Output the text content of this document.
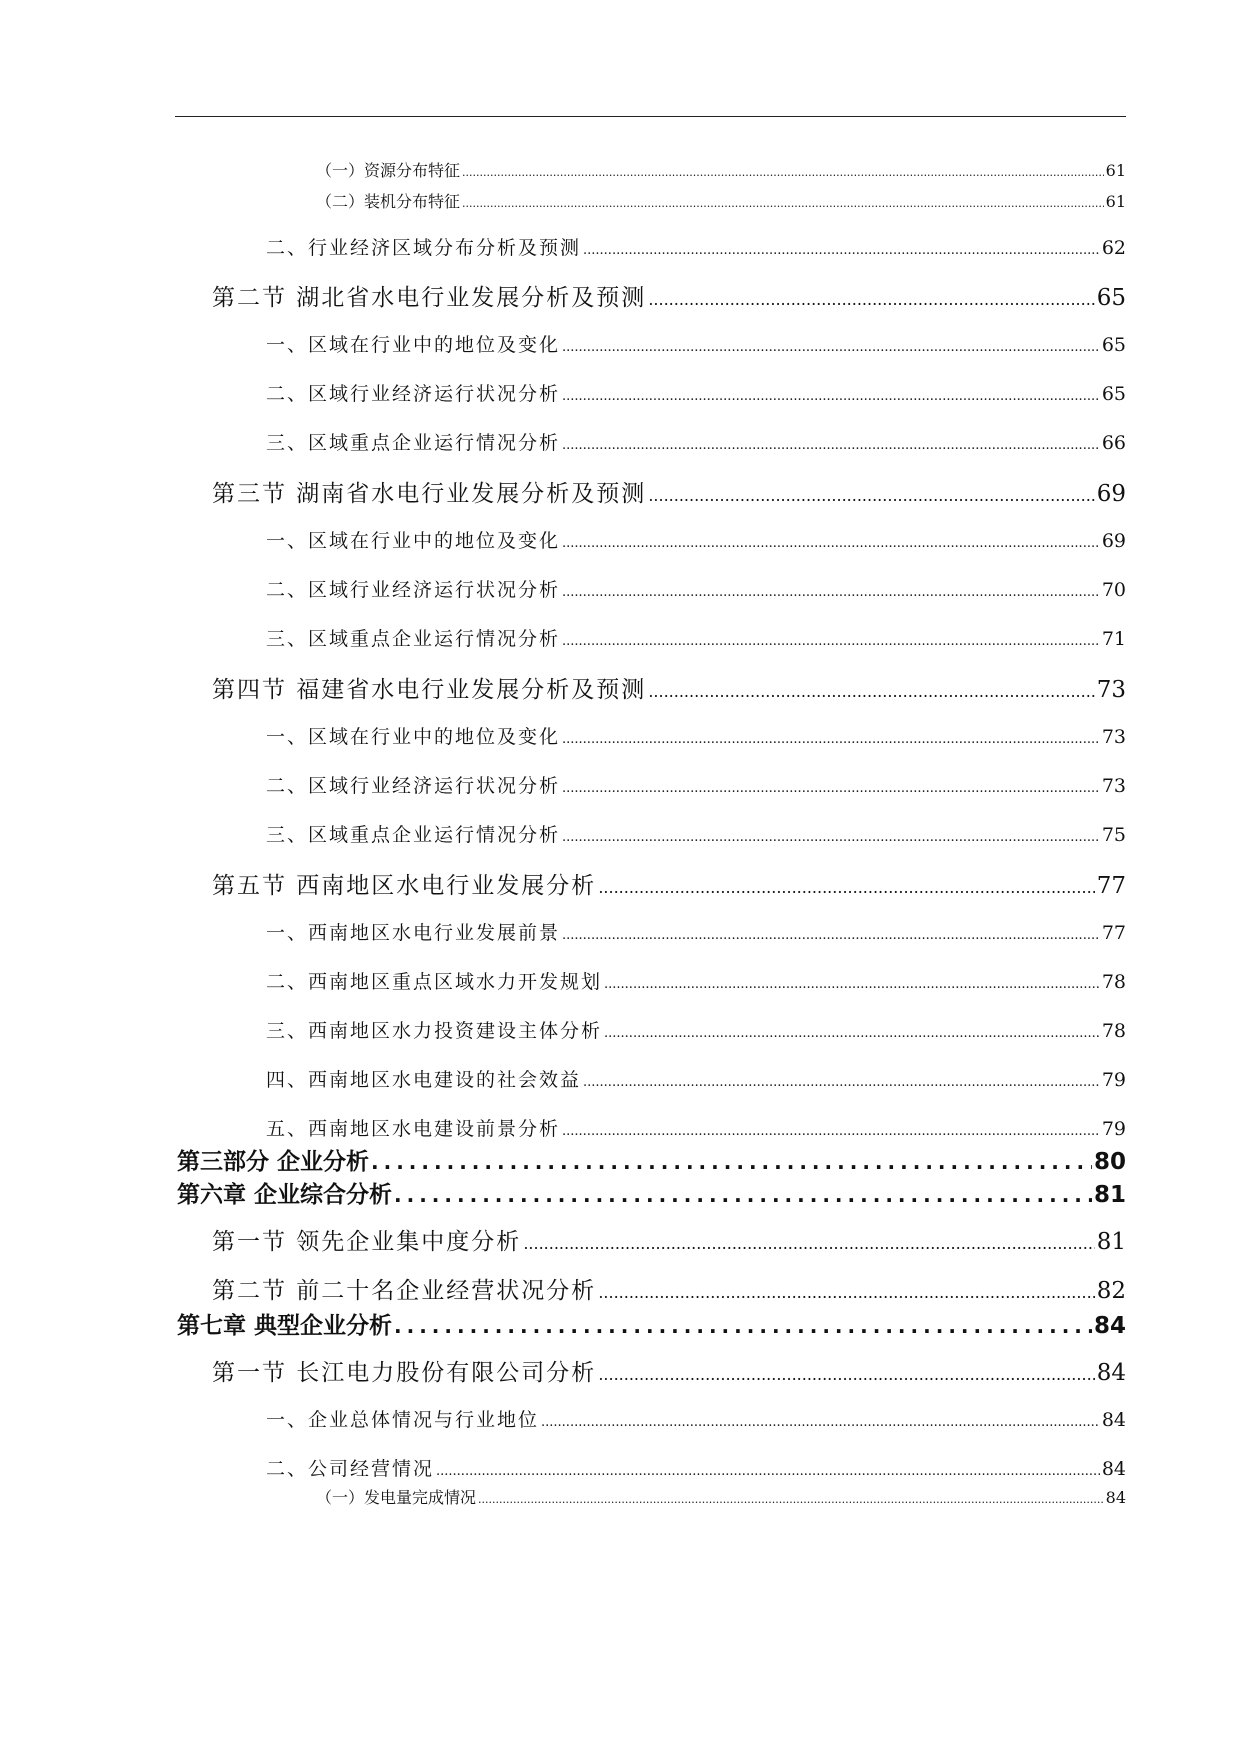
（一）资源分布特征 .....	61
（二）装机分布特征 .....	61
二、行业经济区域分布分析及预测 .....	62
第二节 湖北省水电行业发展分析及预测 .....	65
一、区域在行业中的地位及变化 .....	65
二、区域行业经济运行状况分析 .....	65
三、区域重点企业运行情况分析 .....	66
第三节 湖南省水电行业发展分析及预测 .....	69
一、区域在行业中的地位及变化 .....	69
二、区域行业经济运行状况分析 .....	70
三、区域重点企业运行情况分析 .....	71
第四节 福建省水电行业发展分析及预测 .....	73
一、区域在行业中的地位及变化 .....	73
二、区域行业经济运行状况分析 .....	73
三、区域重点企业运行情况分析 .....	75
第五节 西南地区水电行业发展分析 .....	77
一、西南地区水电行业发展前景 .....	77
二、西南地区重点区域水力开发规划 .....	78
三、西南地区水力投资建设主体分析 .....	78
四、西南地区水电建设的社会效益 .....	79
五、西南地区水电建设前景分析 .....	79
第三部分 企业分析 .....	80
第六章 企业综合分析 .....	81
第一节 领先企业集中度分析 .....	81
第二节 前二十名企业经营状况分析 .....	82
第七章 典型企业分析 .....	84
第一节 长江电力股份有限公司分析 .....	84
一、企业总体情况与行业地位 .....	84
二、公司经营情况 .....	84
（一）发电量完成情况 .....	84
